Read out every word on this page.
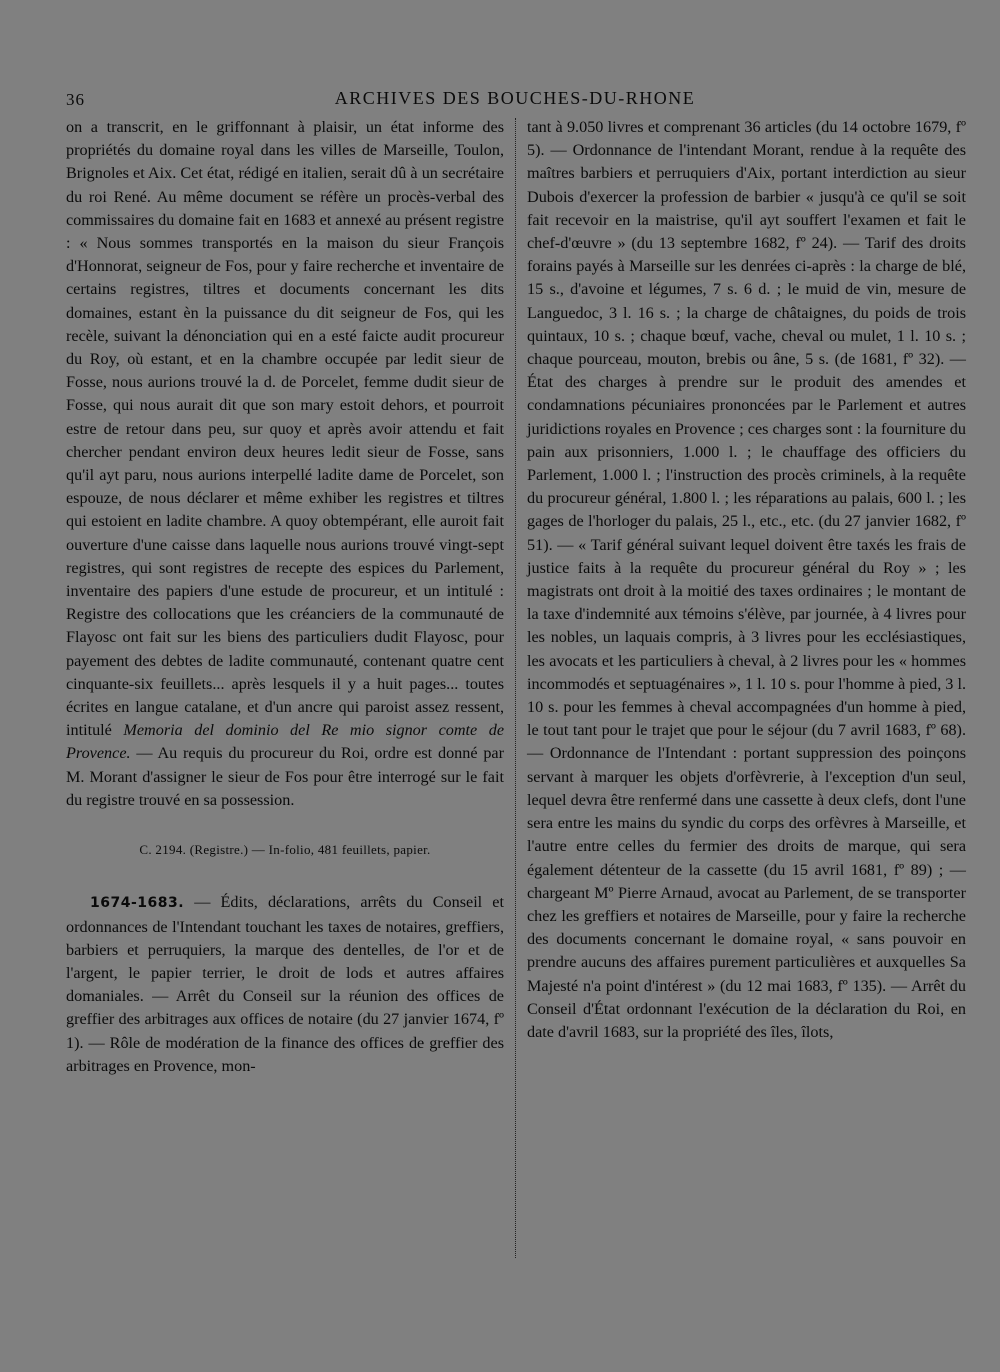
36	ARCHIVES DES BOUCHES-DU-RHONE

on a transcrit, en le griffonnant à plaisir, un état informe des propriétés du domaine royal dans les villes de Marseille, Toulon, Brignoles et Aix. Cet état, rédigé en italien, serait dû à un secrétaire du roi René. Au même document se réfère un procès-verbal des commissaires du domaine fait en 1683 et annexé au présent registre : « Nous sommes transportés en la maison du sieur François d'Honnorat, seigneur de Fos, pour y faire recherche et inventaire de certains registres, tiltres et documents concernant les dits domaines, estant èn la puissance du dit seigneur de Fos, qui les recèle, suivant la dénonciation qui en a esté faicte audit procureur du Roy, où estant, et en la chambre occupée par ledit sieur de Fosse, nous aurions trouvé la d. de Porcelet, femme dudit sieur de Fosse, qui nous aurait dit que son mary estoit dehors, et pourroit estre de retour dans peu, sur quoy et après avoir attendu et fait chercher pendant environ deux heures ledit sieur de Fosse, sans qu'il ayt paru, nous aurions interpellé ladite dame de Porcelet, son espouze, de nous déclarer et même exhiber les registres et tiltres qui estoient en ladite chambre. A quoy obtempérant, elle auroit fait ouverture d'une caisse dans laquelle nous aurions trouvé vingt-sept registres, qui sont registres de recepte des espices du Parlement, inventaire des papiers d'une estude de procureur, et un intitulé : Registre des collocations que les créanciers de la communauté de Flayosc ont fait sur les biens des particuliers dudit Flayosc, pour payement des debtes de ladite communauté, contenant quatre cent cinquante-six feuillets... après lesquels il y a huit pages... toutes écrites en langue catalane, et d'un ancre qui paroist assez ressent, intitulé Memoria del dominio del Re mio signor comte de Provence. — Au requis du procureur du Roi, ordre est donné par M. Morant d'assigner le sieur de Fos pour être interrogé sur le fait du registre trouvé en sa possession.

C. 2194. (Registre.) — In-folio, 481 feuillets, papier.

1674-1683. — Édits, déclarations, arrêts du Conseil et ordonnances de l'Intendant touchant les taxes de notaires, greffiers, barbiers et perruquiers, la marque des dentelles, de l'or et de l'argent, le papier terrier, le droit de lods et autres affaires domaniales. — Arrêt du Conseil sur la réunion des offices de greffier des arbitrages aux offices de notaire (du 27 janvier 1674, fº 1). — Rôle de modération de la finance des offices de greffier des arbitrages en Provence, mon-

tant à 9.050 livres et comprenant 36 articles (du 14 octobre 1679, fº 5). — Ordonnance de l'intendant Morant, rendue à la requête des maîtres barbiers et perruquiers d'Aix, portant interdiction au sieur Dubois d'exercer la profession de barbier « jusqu'à ce qu'il se soit fait recevoir en la maistrise, qu'il ayt souffert l'examen et fait le chef-d'œuvre » (du 13 septembre 1682, fº 24). — Tarif des droits forains payés à Marseille sur les denrées ci-après : la charge de blé, 15 s., d'avoine et légumes, 7 s. 6 d. ; le muid de vin, mesure de Languedoc, 3 l. 16 s. ; la charge de châtaignes, du poids de trois quintaux, 10 s. ; chaque bœuf, vache, cheval ou mulet, 1 l. 10 s. ; chaque pourceau, mouton, brebis ou âne, 5 s. (de 1681, fº 32). — État des charges à prendre sur le produit des amendes et condamnations pécuniaires prononcées par le Parlement et autres juridictions royales en Provence ; ces charges sont : la fourniture du pain aux prisonniers, 1.000 l. ; le chauffage des officiers du Parlement, 1.000 l. ; l'instruction des procès criminels, à la requête du procureur général, 1.800 l. ; les réparations au palais, 600 l. ; les gages de l'horloger du palais, 25 l., etc., etc. (du 27 janvier 1682, fº 51). — « Tarif général suivant lequel doivent être taxés les frais de justice faits à la requête du procureur général du Roy » ; les magistrats ont droit à la moitié des taxes ordinaires ; le montant de la taxe d'indemnité aux témoins s'élève, par journée, à 4 livres pour les nobles, un laquais compris, à 3 livres pour les ecclésiastiques, les avocats et les particuliers à cheval, à 2 livres pour les « hommes incommodés et septuagénaires », 1 l. 10 s. pour l'homme à pied, 3 l. 10 s. pour les femmes à cheval accompagnées d'un homme à pied, le tout tant pour le trajet que pour le séjour (du 7 avril 1683, fº 68). — Ordonnance de l'Intendant : portant suppression des poinçons servant à marquer les objets d'orfèvrerie, à l'exception d'un seul, lequel devra être renfermé dans une cassette à deux clefs, dont l'une sera entre les mains du syndic du corps des orfèvres à Marseille, et l'autre entre celles du fermier des droits de marque, qui sera également détenteur de la cassette (du 15 avril 1681, fº 89) ; — chargeant Mº Pierre Arnaud, avocat au Parlement, de se transporter chez les greffiers et notaires de Marseille, pour y faire la recherche des documents concernant le domaine royal, « sans pouvoir en prendre aucuns des affaires purement particulières et auxquelles Sa Majesté n'a point d'intérest » (du 12 mai 1683, fº 135). — Arrêt du Conseil d'État ordonnant l'exécution de la déclaration du Roi, en date d'avril 1683, sur la propriété des îles, îlots,
